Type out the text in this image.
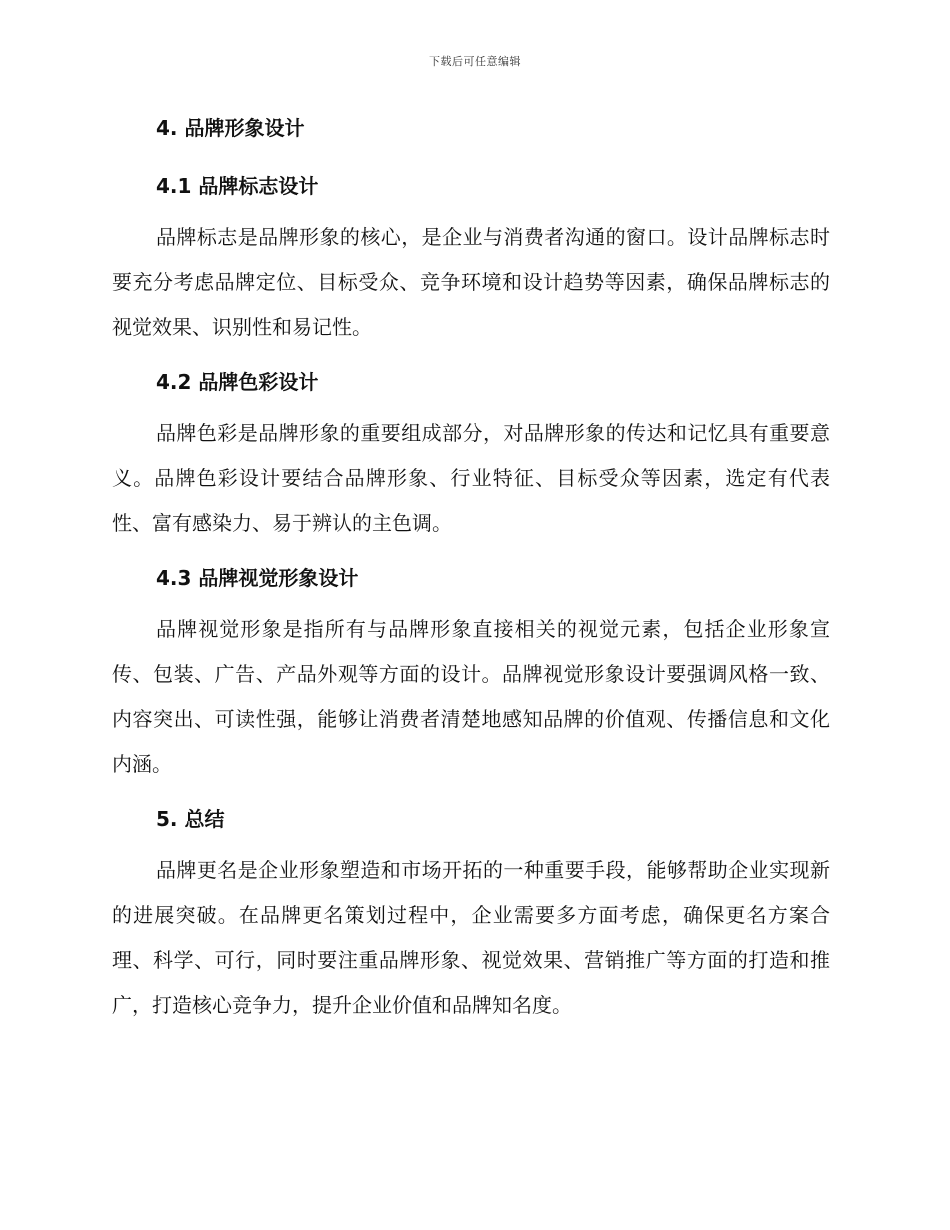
下载后可任意编辑
4. 品牌形象设计
4.1 品牌标志设计

品牌标志是品牌形象的核心，是企业与消费者沟通的窗口。设计品牌标志时要充分考虑品牌定位、目标受众、竞争环境和设计趋势等因素，确保品牌标志的视觉效果、识别性和易记性。

4.2 品牌色彩设计

品牌色彩是品牌形象的重要组成部分，对品牌形象的传达和记忆具有重要意义。品牌色彩设计要结合品牌形象、行业特征、目标受众等因素，选定有代表性、富有感染力、易于辨认的主色调。

4.3 品牌视觉形象设计

品牌视觉形象是指所有与品牌形象直接相关的视觉元素，包括企业形象宣传、包装、广告、产品外观等方面的设计。品牌视觉形象设计要强调风格一致、内容突出、可读性强，能够让消费者清楚地感知品牌的价值观、传播信息和文化内涵。

5. 总结

品牌更名是企业形象塑造和市场开拓的一种重要手段，能够帮助企业实现新的进展突破。在品牌更名策划过程中，企业需要多方面考虑，确保更名方案合理、科学、可行，同时要注重品牌形象、视觉效果、营销推广等方面的打造和推广，打造核心竞争力，提升企业价值和品牌知名度。
